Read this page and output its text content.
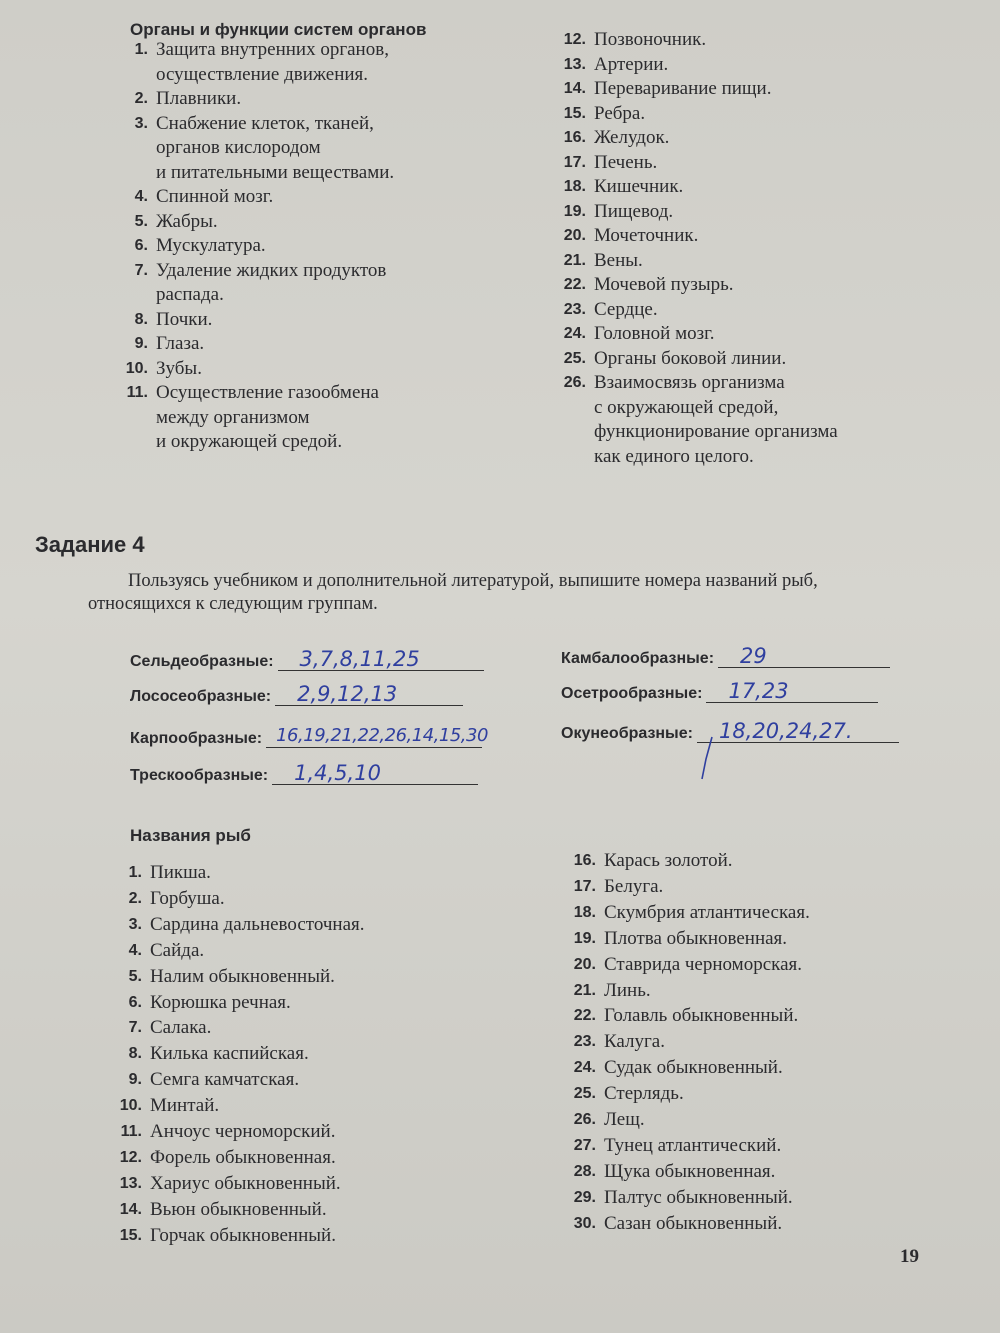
Органы и функции систем органов
1. Защита внутренних органов,
осуществление движения.
2. Плавники.
3. Снабжение клеток, тканей,
органов кислородом
и питательными веществами.
4. Спинной мозг.
5. Жабры.
6. Мускулатура.
7. Удаление жидких продуктов
распада.
8. Почки.
9. Глаза.
10. Зубы.
11. Осуществление газообмена
между организмом
и окружающей средой.
12. Позвоночник.
13. Артерии.
14. Переваривание пищи.
15. Ребра.
16. Желудок.
17. Печень.
18. Кишечник.
19. Пищевод.
20. Мочеточник.
21. Вены.
22. Мочевой пузырь.
23. Сердце.
24. Головной мозг.
25. Органы боковой линии.
26. Взаимосвязь организма
с окружающей средой,
функционирование организма
как единого целого.
Задание 4
Пользуясь учебником и дополнительной литературой, выпишите номера названий рыб, относящихся к следующим группам.
Сельдеобразные:	3,7,8,11,25
Лососеобразные:	2,9,12,13
Карпообразные: 16,19,21,22,26,14,15,30
Трескообразные:	1,4,5,10
Камбалообразные:	29
Осетрообразные:	17,23
Окунеобразные:	18,20,24,27.
Названия рыб
1. Пикша.
2. Горбуша.
3. Сардина дальневосточная.
4. Сайда.
5. Налим обыкновенный.
6. Корюшка речная.
7. Салака.
8. Килька каспийская.
9. Семга камчатская.
10. Минтай.
11. Анчоус черноморский.
12. Форель обыкновенная.
13. Хариус обыкновенный.
14. Вьюн обыкновенный.
15. Горчак обыкновенный.
16. Карась золотой.
17. Белуга.
18. Скумбрия атлантическая.
19. Плотва обыкновенная.
20. Ставрида черноморская.
21. Линь.
22. Голавль обыкновенный.
23. Калуга.
24. Судак обыкновенный.
25. Стерлядь.
26. Лещ.
27. Тунец атлантический.
28. Щука обыкновенная.
29. Палтус обыкновенный.
30. Сазан обыкновенный.
19
